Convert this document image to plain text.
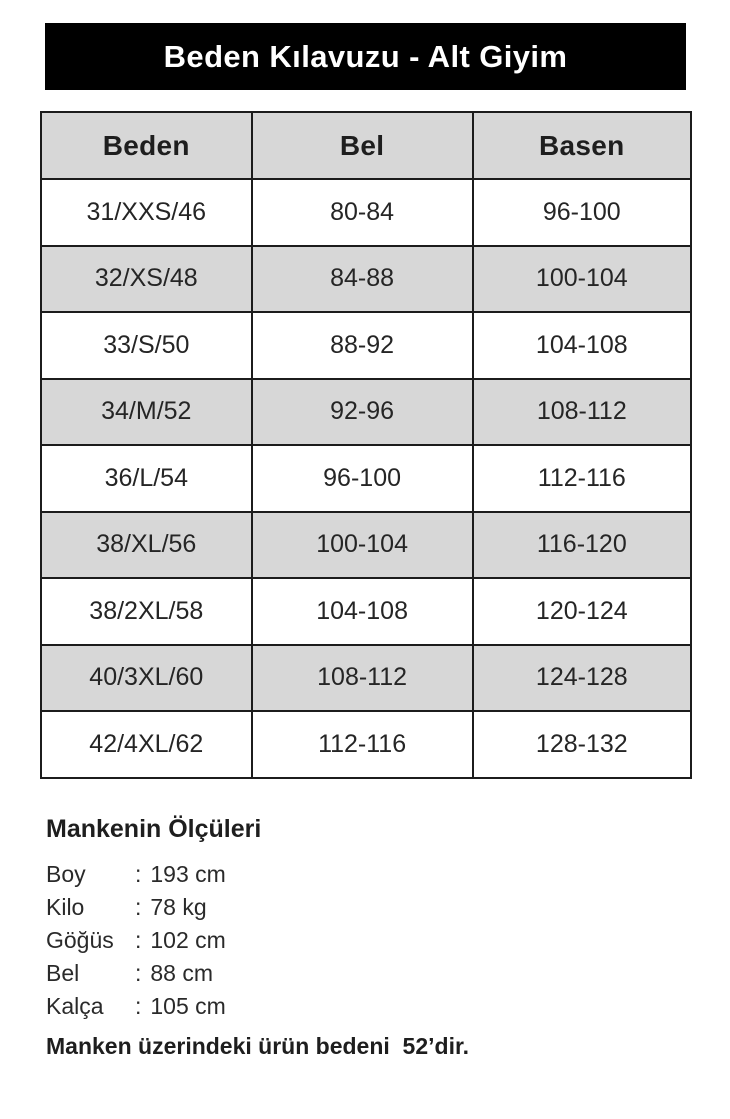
Beden Kılavuzu - Alt Giyim
Beden	Bel	Basen
31/XXS/46	80-84	96-100
32/XS/48	84-88	100-104
33/S/50	88-92	104-108
34/M/52	92-96	108-112
36/L/54	96-100	112-116
38/XL/56	100-104	116-120
38/2XL/58	104-108	120-124
40/3XL/60	108-112	124-128
42/4XL/62	112-116	128-132
Mankenin Ölçüleri
Boy	: 193 cm
Kilo	: 78 kg
Göğüs : 102 cm
Bel	: 88 cm
Kalça	: 105 cm

Manken üzerindeki ürün bedeni  52’dir.
